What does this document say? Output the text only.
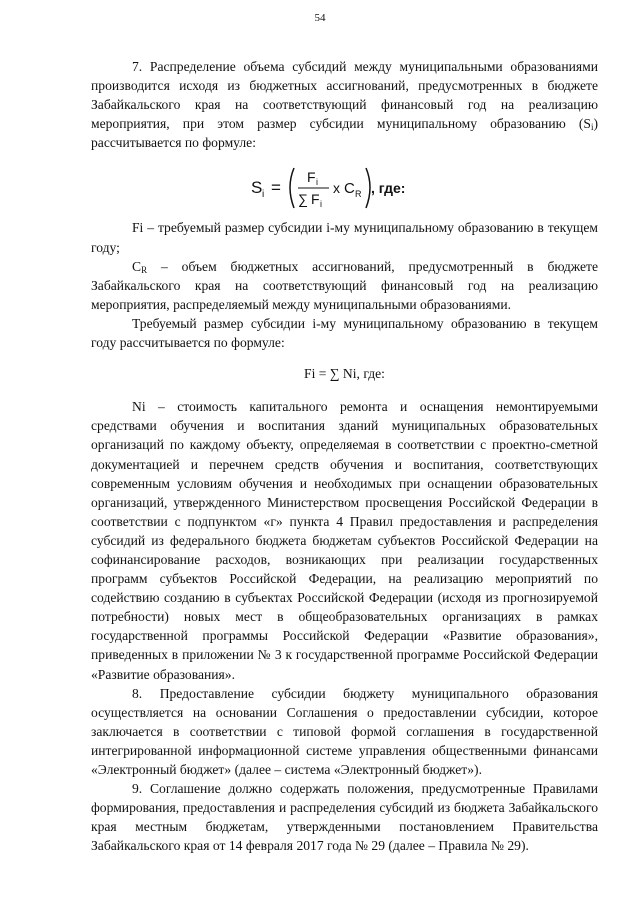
54

7. Распределение объема субсидий между муниципальными образованиями производится исходя из бюджетных ассигнований, предусмотренных в бюджете Забайкальского края на соответствующий финансовый год на реализацию мероприятия, при этом размер субсидии муниципальному образованию $(S_i)$ рассчитывается по формуле:

S i =
F i
∑ F i
x C R , где:

Fi – требуемый размер субсидии i-му муниципальному образованию в текущем году;

$C_R$ – объем бюджетных ассигнований, предусмотренный в бюджете Забайкальского края на соответствующий финансовый год на реализацию мероприятия, распределяемый между муниципальными образованиями.

Требуемый размер субсидии i-му муниципальному образованию в текущем году рассчитывается по формуле:

Fi = ∑ Ni, где:

Ni – стоимость капитального ремонта и оснащения немонтируемыми средствами обучения и воспитания зданий муниципальных образовательных организаций по каждому объекту, определяемая в соответствии с проектно-сметной документацией и перечнем средств обучения и воспитания, соответствующих современным условиям обучения и необходимых при оснащении образовательных организаций, утвержденного Министерством просвещения Российской Федерации в соответствии с подпунктом «г» пункта 4 Правил предоставления и распределения субсидий из федерального бюджета бюджетам субъектов Российской Федерации на софинансирование расходов, возникающих при реализации государственных программ субъектов Российской Федерации, на реализацию мероприятий по содействию созданию в субъектах Российской Федерации (исходя из прогнозируемой потребности) новых мест в общеобразовательных организациях в рамках государственной программы Российской Федерации «Развитие образования», приведенных в приложении № 3 к государственной программе Российской Федерации «Развитие образования».

8. Предоставление субсидии бюджету муниципального образования осуществляется на основании Соглашения о предоставлении субсидии, которое заключается в соответствии с типовой формой соглашения в государственной интегрированной информационной системе управления общественными финансами «Электронный бюджет» (далее – система «Электронный бюджет»).

9. Соглашение должно содержать положения, предусмотренные Правилами формирования, предоставления и распределения субсидий из бюджета Забайкальского края местным бюджетам, утвержденными постановлением Правительства Забайкальского края от 14 февраля 2017 года № 29 (далее – Правила № 29).
